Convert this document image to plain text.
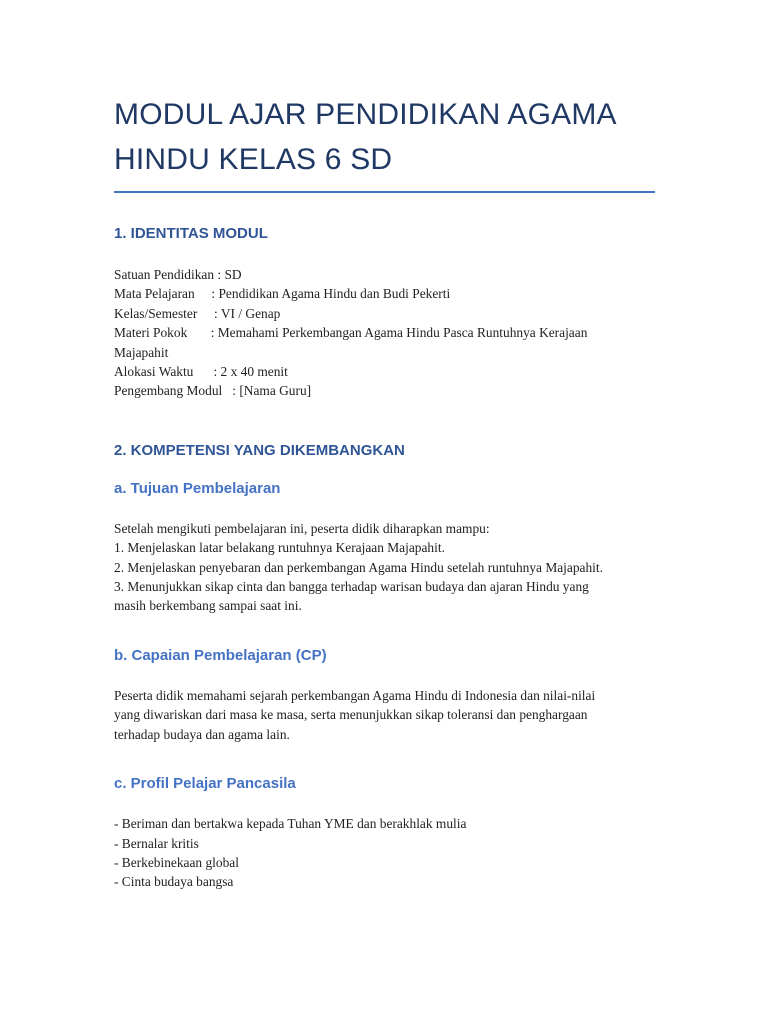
MODUL AJAR PENDIDIKAN AGAMA
HINDU KELAS 6 SD
1. IDENTITAS MODUL
Satuan Pendidikan : SD
Mata Pelajaran     : Pendidikan Agama Hindu dan Budi Pekerti
Kelas/Semester     : VI / Genap
Materi Pokok       : Memahami Perkembangan Agama Hindu Pasca Runtuhnya Kerajaan
Majapahit
Alokasi Waktu      : 2 x 40 menit
Pengembang Modul   : [Nama Guru]
2. KOMPETENSI YANG DIKEMBANGKAN
a. Tujuan Pembelajaran
Setelah mengikuti pembelajaran ini, peserta didik diharapkan mampu:
1. Menjelaskan latar belakang runtuhnya Kerajaan Majapahit.
2. Menjelaskan penyebaran dan perkembangan Agama Hindu setelah runtuhnya Majapahit.
3. Menunjukkan sikap cinta dan bangga terhadap warisan budaya dan ajaran Hindu yang
masih berkembang sampai saat ini.
b. Capaian Pembelajaran (CP)
Peserta didik memahami sejarah perkembangan Agama Hindu di Indonesia dan nilai-nilai
yang diwariskan dari masa ke masa, serta menunjukkan sikap toleransi dan penghargaan
terhadap budaya dan agama lain.
c. Profil Pelajar Pancasila
- Beriman dan bertakwa kepada Tuhan YME dan berakhlak mulia
- Bernalar kritis
- Berkebinekaan global
- Cinta budaya bangsa
